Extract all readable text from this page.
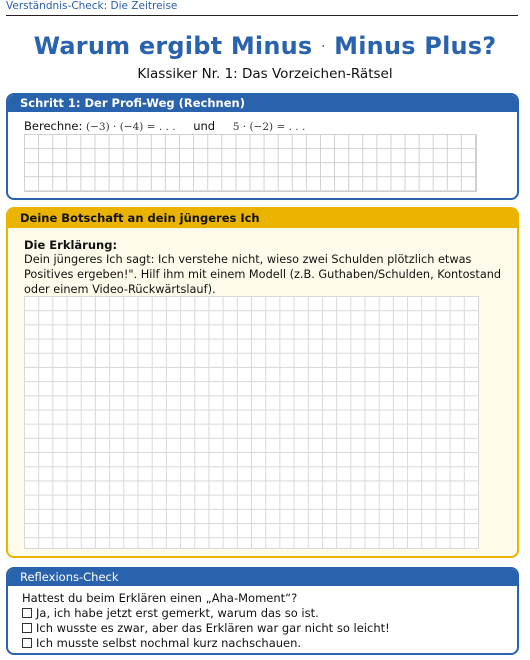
Verständnis-Check: Die Zeitreise
Warum ergibt Minus · Minus Plus?
Klassiker Nr. 1: Das Vorzeichen-Rätsel
Schritt 1: Der Profi-Weg (Rechnen)
Berechne: (−3) · (−4) = . . . und 5 · (−2) = . . .
Deine Botschaft an dein jüngeres Ich
Die Erklärung:
Dein jüngeres Ich sagt: Ich verstehe nicht, wieso zwei Schulden plötzlich etwas Positives ergeben!". Hilf ihm mit einem Modell (z.B. Guthaben/Schulden, Kontostand oder einem Video-Rückwärtslauf).
Reflexions-Check
Hattest du beim Erklären einen „Aha-Moment“?
Ja, ich habe jetzt erst gemerkt, warum das so ist.
Ich wusste es zwar, aber das Erklären war gar nicht so leicht!
Ich musste selbst nochmal kurz nachschauen.
